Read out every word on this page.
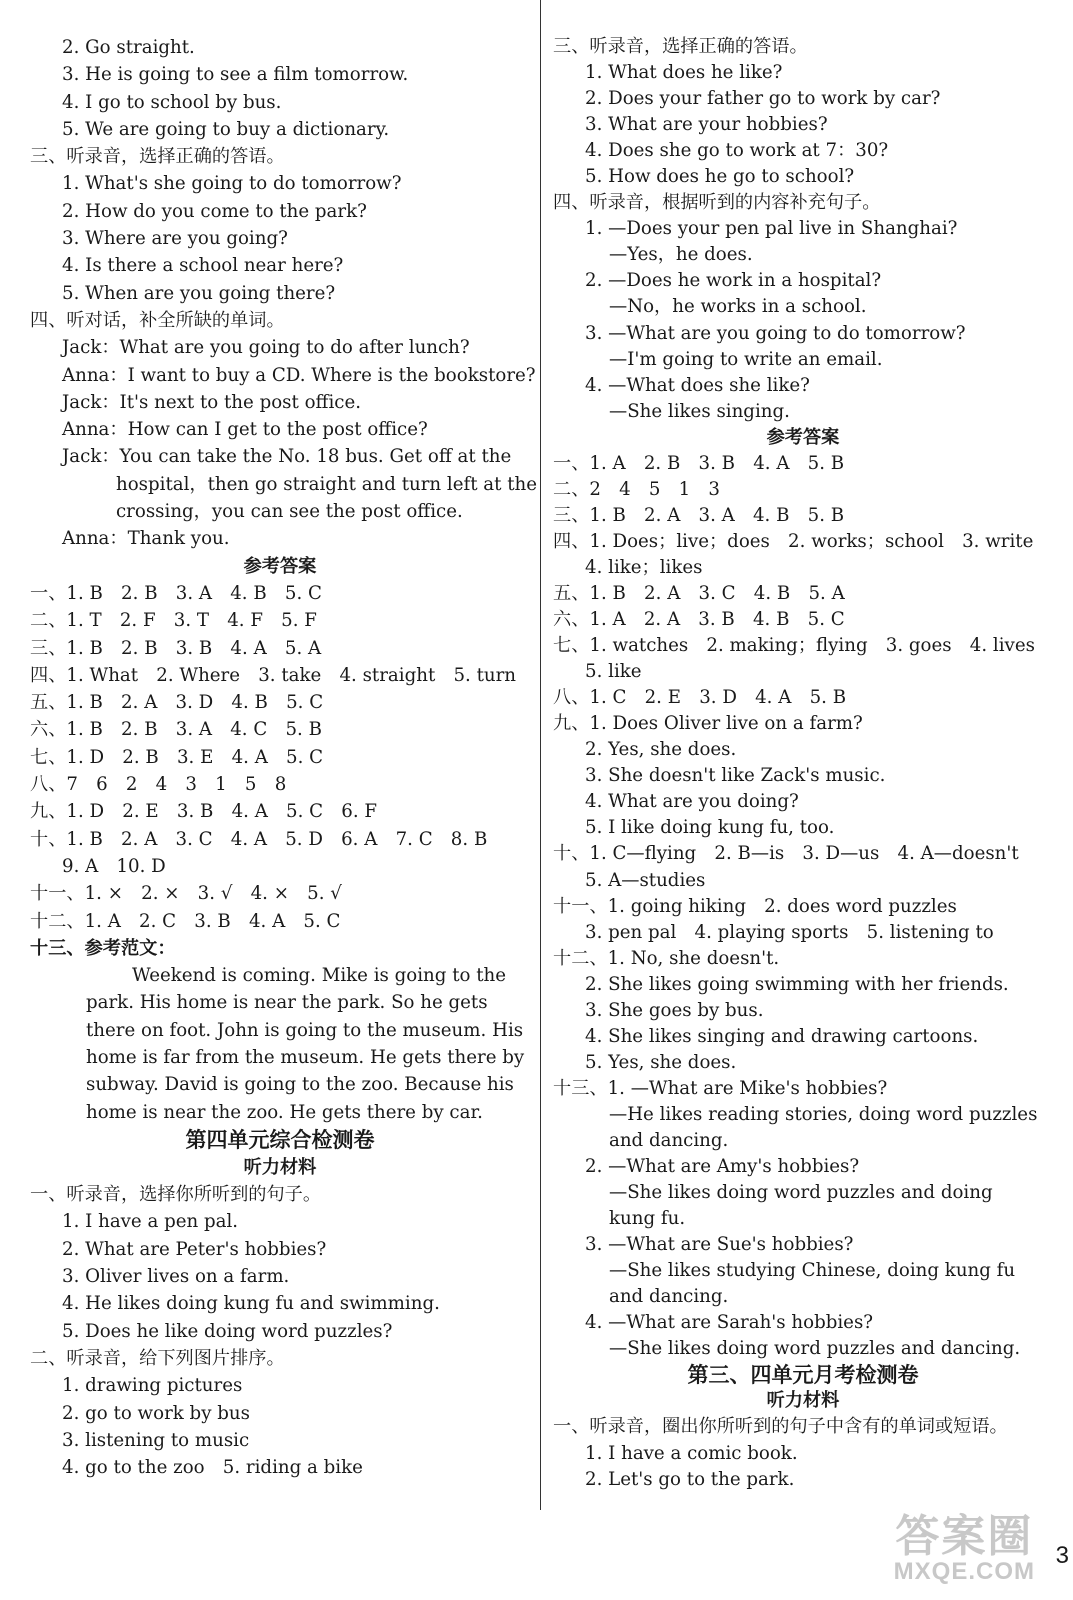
2. Go straight.
3. He is going to see a film tomorrow.
4. I go to school by bus.
5. We are going to buy a dictionary.
三、听录音，选择正确的答语。
1. What's she going to do tomorrow?
2. How do you come to the park?
3. Where are you going?
4. Is there a school near here?
5. When are you going there?
四、听对话，补全所缺的单词。
Jack：What are you going to do after lunch?
Anna：I want to buy a CD. Where is the bookstore?
Jack：It's next to the post office.
Anna：How can I get to the post office?
Jack：You can take the No. 18 bus. Get off at the
hospital，then go straight and turn left at the
crossing，you can see the post office.
Anna：Thank you.
参考答案
一、1. B　2. B　3. A　4. B　5. C
二、1. T　2. F　3. T　4. F　5. F
三、1. B　2. B　3. B　4. A　5. A
四、1. What　2. Where　3. take　4. straight　5. turn
五、1. B　2. A　3. D　4. B　5. C
六、1. B　2. B　3. A　4. C　5. B
七、1. D　2. B　3. E　4. A　5. C
八、7　6　2　4　3　1　5　8
九、1. D　2. E　3. B　4. A　5. C　6. F
十、1. B　2. A　3. C　4. A　5. D　6. A　7. C　8. B
9. A　10. D
十一、1. ×　2. ×　3. √　4. ×　5. √
十二、1. A　2. C　3. B　4. A　5. C
十三、参考范文：
Weekend is coming. Mike is going to the
park. His home is near the park. So he gets
there on foot. John is going to the museum. His
home is far from the museum. He gets there by
subway. David is going to the zoo. Because his
home is near the zoo. He gets there by car.
第四单元综合检测卷
听力材料
一、听录音，选择你所听到的句子。
1. I have a pen pal.
2. What are Peter's hobbies?
3. Oliver lives on a farm.
4. He likes doing kung fu and swimming.
5. Does he like doing word puzzles?
二、听录音，给下列图片排序。
1. drawing pictures
2. go to work by bus
3. listening to music
4. go to the zoo　5. riding a bike
三、听录音，选择正确的答语。
1. What does he like?
2. Does your father go to work by car?
3. What are your hobbies?
4. Does she go to work at 7：30?
5. How does he go to school?
四、听录音，根据听到的内容补充句子。
1. —Does your pen pal live in Shanghai?
—Yes，he does.
2. —Does he work in a hospital?
—No，he works in a school.
3. —What are you going to do tomorrow?
—I'm going to write an email.
4. —What does she like?
—She likes singing.
参考答案
一、1. A　2. B　3. B　4. A　5. B
二、2　4　5　1　3
三、1. B　2. A　3. A　4. B　5. B
四、1. Does；live；does　2. works；school　3. write
4. like；likes
五、1. B　2. A　3. C　4. B　5. A
六、1. A　2. A　3. B　4. B　5. C
七、1. watches　2. making；flying　3. goes　4. lives
5. like
八、1. C　2. E　3. D　4. A　5. B
九、1. Does Oliver live on a farm?
2. Yes, she does.
3. She doesn't like Zack's music.
4. What are you doing?
5. I like doing kung fu, too.
十、1. C—flying　2. B—is　3. D—us　4. A—doesn't
5. A—studies
十一、1. going hiking　2. does word puzzles
3. pen pal　4. playing sports　5. listening to
十二、1. No, she doesn't.
2. She likes going swimming with her friends.
3. She goes by bus.
4. She likes singing and drawing cartoons.
5. Yes, she does.
十三、1. —What are Mike's hobbies?
—He likes reading stories, doing word puzzles
and dancing.
2. —What are Amy's hobbies?
—She likes doing word puzzles and doing
kung fu.
3. —What are Sue's hobbies?
—She likes studying Chinese, doing kung fu
and dancing.
4. —What are Sarah's hobbies?
—She likes doing word puzzles and dancing.
第三、四单元月考检测卷
听力材料
一、听录音，圈出你所听到的句子中含有的单词或短语。
1. I have a comic book.
2. Let's go to the park.
答案圈
MXQE.COM
3
